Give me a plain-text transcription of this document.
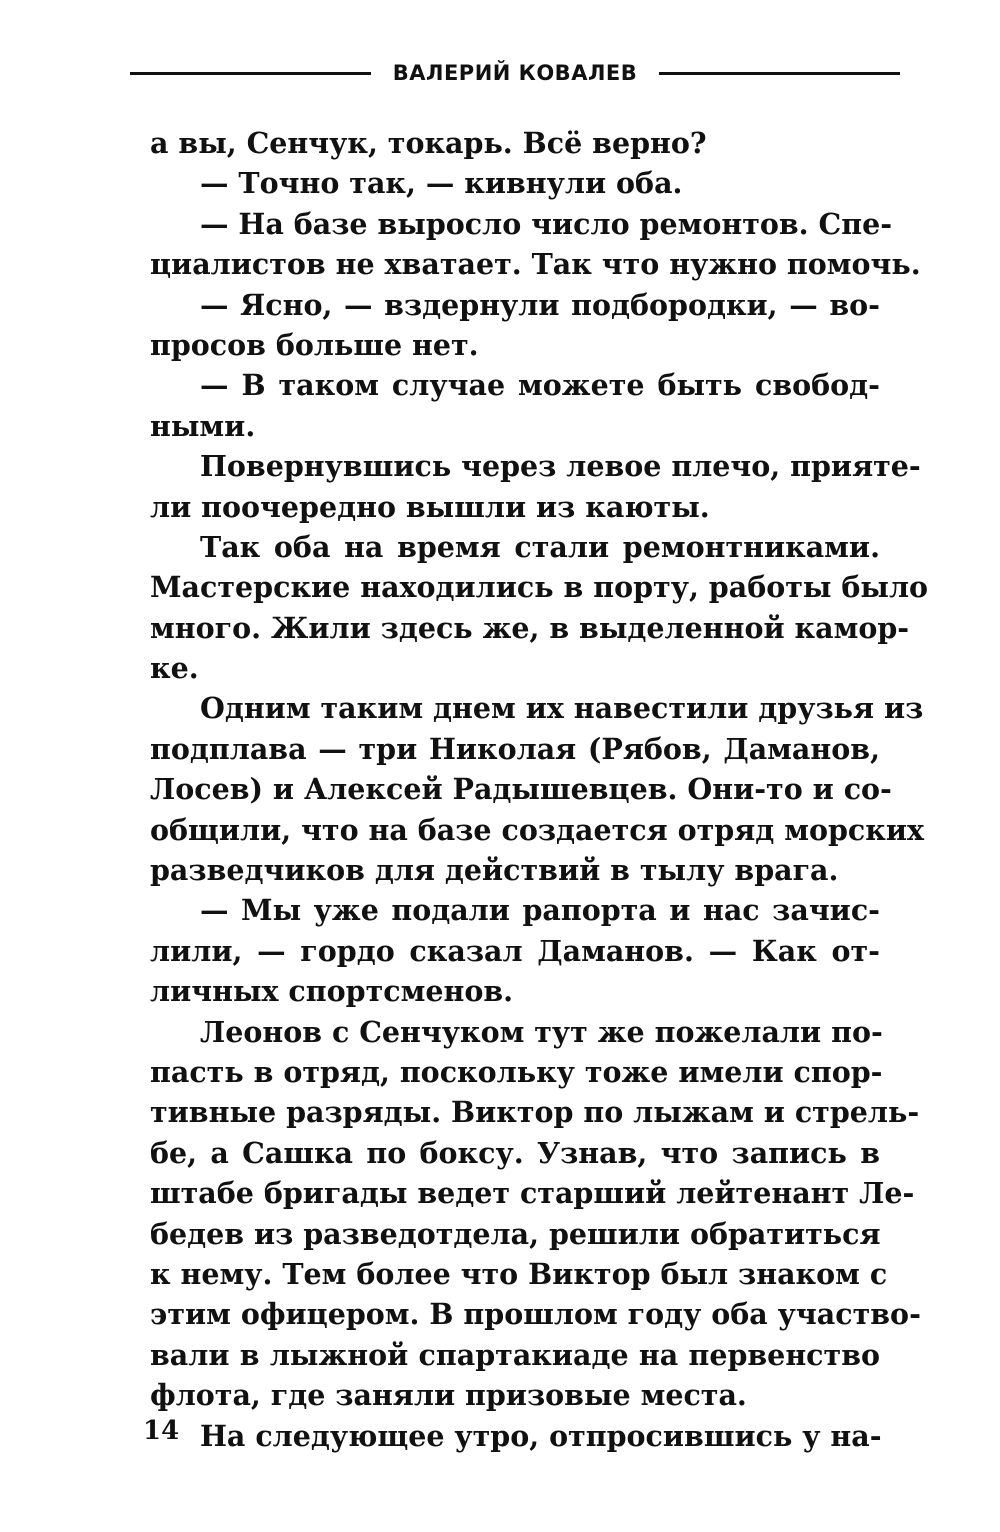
ВАЛЕРИЙ КОВАЛЕВ
а вы, Сенчук, токарь. Всё верно?
— Точно так, — кивнули оба.
— На базе выросло число ремонтов. Спе-
циалистов не хватает. Так что нужно помочь.
— Ясно, — вздернули подбородки, — во-
просов больше нет.
— В таком случае можете быть свобод-
ными.
Повернувшись через левое плечо, прияте-
ли поочередно вышли из каюты.
Так оба на время стали ремонтниками.
Мастерские находились в порту, работы было
много. Жили здесь же, в выделенной камор-
ке.
Одним таким днем их навестили друзья из
подплава — три Николая (Рябов, Даманов,
Лосев) и Алексей Радышевцев. Они-то и со-
общили, что на базе создается отряд морских
разведчиков для действий в тылу врага.
— Мы уже подали рапорта и нас зачис-
лили, — гордо сказал Даманов. — Как от-
личных спортсменов.
Леонов с Сенчуком тут же пожелали по-
пасть в отряд, поскольку тоже имели спор-
тивные разряды. Виктор по лыжам и стрель-
бе, а Сашка по боксу. Узнав, что запись в
штабе бригады ведет старший лейтенант Ле-
бедев из разведотдела, решили обратиться
к нему. Тем более что Виктор был знаком с
этим офицером. В прошлом году оба участво-
вали в лыжной спартакиаде на первенство
флота, где заняли призовые места.
На следующее утро, отпросившись у на-
14
